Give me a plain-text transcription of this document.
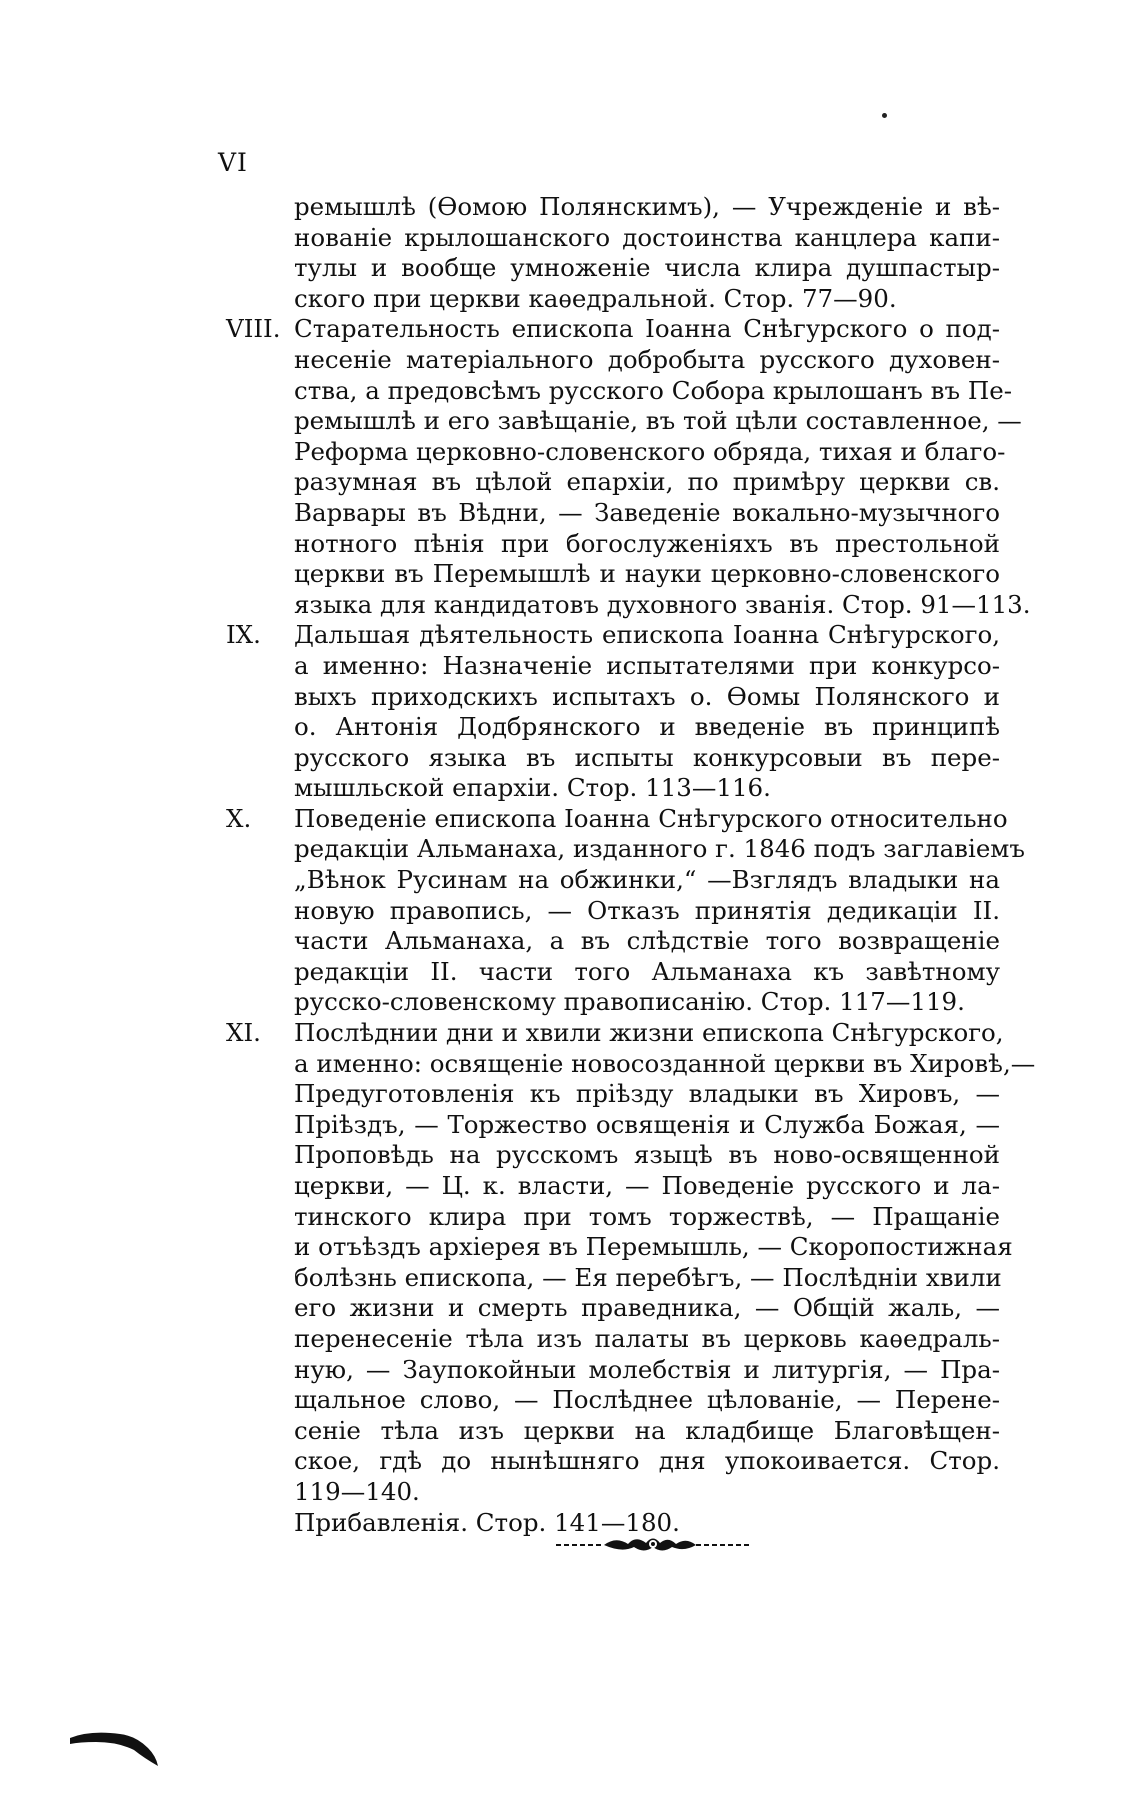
VI
ремышлѣ (Ѳомою Полянскимъ), — Учрежденіе и вѣ-
нованіе крылошанского достоинства канцлера капи-
тулы и вообще умноженіе числа клира душпастыр-
ского при церкви каѳедральной. Стор. 77—90.
VIII. Старательность епископа Іоанна Снѣгурского о под-
несеніе матеріального добробыта русского духовен-
ства, а предовсѣмъ русского Собора крылошанъ въ Пе-
ремышлѣ и его завѣщаніе, въ той цѣли составленное, —
Реформа церковно-словенского обряда, тихая и благо-
разумная въ цѣлой епархіи, по примѣру церкви св.
Варвары въ Вѣдни, — Заведеніе вокально-музычного
нотного пѣнія при богослуженіяхъ въ престольной
церкви въ Перемышлѣ и науки церковно-словенского
языка для кандидатовъ духовного званія. Стор. 91—113.
IX.	Дальшая дѣятельность епископа Іоанна Снѣгурского,
а именно: Назначеніе испытателями при конкурсо-
выхъ приходскихъ испытахъ о. Ѳомы Полянского и
о. Антонія Додбрянского и введеніе въ принципѣ
русского языка въ испыты конкурсовыи въ пере-
мышльской епархіи. Стор. 113—116.
X.	Поведеніе епископа Іоанна Снѣгурского относительно
редакціи Альманаха, изданного г. 1846 подъ заглавіемъ
„Вѣнок Русинам на обжинки,“ —Взглядъ владыки на
новую правопись, — Отказъ принятія дедикаціи II.
части Альманаха, а въ слѣдствіе того возвращеніе
редакціи II. части того Альманаха къ завѣтному
русско-словенскому правописанію. Стор. 117—119.
XI.	Послѣднии дни и хвили жизни епископа Снѣгурского,
а именно: освященіе новосозданной церкви въ Хировѣ,—
Предуготовленія къ пріѣзду владыки въ Хировъ, —
Пріѣздъ, — Торжество освященія и Служба Божая, —
Проповѣдь на русскомъ языцѣ въ ново-освященной
церкви, — Ц. к. власти, — Поведеніе русского и ла-
тинского клира при томъ торжествѣ, — Пращаніе
и отъѣздъ архіерея въ Перемышль, — Скоропостижная
болѣзнь епископа, — Ея перебѣгъ, — Послѣдніи хвили
его жизни и смерть праведника, — Общій жаль, —
перенесеніе тѣла изъ палаты въ церковь каѳедраль-
ную, — Заупокойныи молебствія и литургія, — Пра-
щальное слово, — Послѣднее цѣлованіе, — Перене-
сеніе тѣла изъ церкви на кладбище Благовѣщен-
ское, гдѣ до нынѣшняго дня упокоивается. Стор.
119—140.
Прибавленія. Стор. 141—180.
